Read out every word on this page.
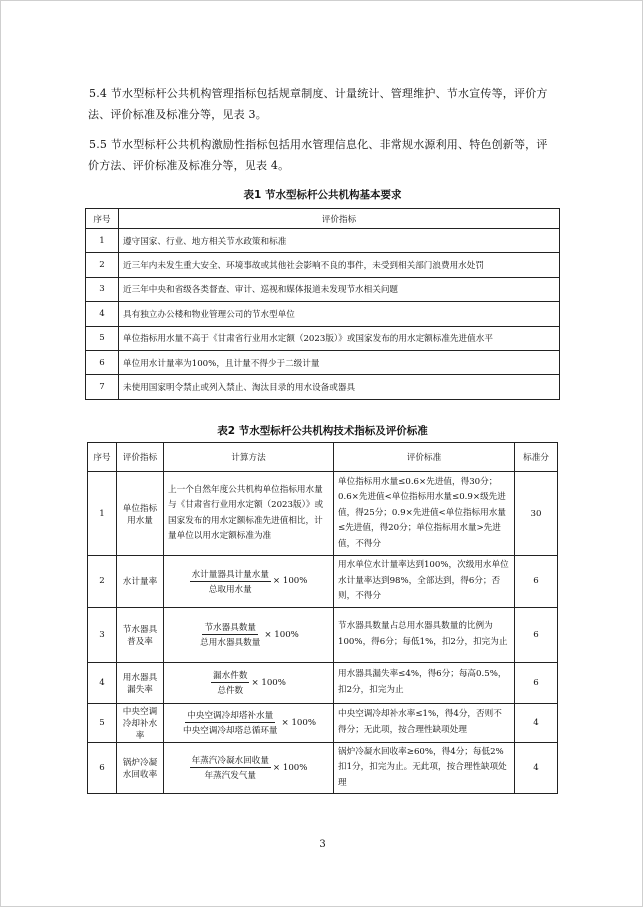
5.4 节水型标杆公共机构管理指标包括规章制度、计量统计、管理维护、节水宣传等，评价方法、评价标准及标准分等，见表 3。
5.5 节水型标杆公共机构激励性指标包括用水管理信息化、非常规水源利用、特色创新等，评价方法、评价标准及标准分等，见表 4。
表1 节水型标杆公共机构基本要求
序号	评价指标
1	遵守国家、行业、地方相关节水政策和标准
2	近三年内未发生重大安全、环境事故或其他社会影响不良的事件，未受到相关部门浪费用水处罚
3	近三年中央和省级各类督查、审计、巡视和媒体报道未发现节水相关问题
4	具有独立办公楼和物业管理公司的节水型单位
5	单位指标用水量不高于《甘肃省行业用水定额（2023版）》或国家发布的用水定额标准先进值水平
6	单位用水计量率为100%，且计量不得少于二级计量
7	未使用国家明令禁止或列入禁止、淘汰目录的用水设备或器具
表2 节水型标杆公共机构技术指标及评价标准
序号	评价指标	计算方法	评价标准	标准分
1	单位指标用水量	上一个自然年度公共机构单位指标用水量与《甘肃省行业用水定额（2023版）》或国家发布的用水定额标准先进值相比，计量单位以用水定额标准为准	单位指标用水量≤0.6×先进值，得30分；0.6×先进值<单位指标用水量≤0.9×级先进值，得25分；0.9×先进值<单位指标用水量≤先进值，得20分；单位指标用水量>先进值，不得分	30
2	水计量率	$\frac{\text{水计量器具计量水量}}{\text{总取用水量}} \times 100\%$	用水单位水计量率达到100%，次级用水单位水计量率达到98%，全部达到，得6分；否则，不得分	6
3	节水器具普及率	$\frac{\text{节水器具数量}}{\text{总用水器具数量}} \times 100\%$	节水器具数量占总用水器具数量的比例为100%，得6分；每低1%，扣2分，扣完为止	6
4	用水器具漏失率	$\frac{\text{漏水件数}}{\text{总件数}} \times 100\%$	用水器具漏失率≤4%，得6分；每高0.5%，扣2分，扣完为止	6
5	中央空调冷却补水率	$\frac{\text{中央空调冷却塔补水量}}{\text{中央空调冷却塔总循环量}} \times 100\%$	中央空调冷却补水率≤1%，得4分，否则不得分；无此项，按合理性缺项处理	4
6	锅炉冷凝水回收率	$\frac{\text{年蒸汽冷凝水回收量}}{\text{年蒸汽发气量}} \times 100\%$	锅炉冷凝水回收率≥60%，得4分；每低2%扣1分，扣完为止。无此项，按合理性缺项处理	4
3
